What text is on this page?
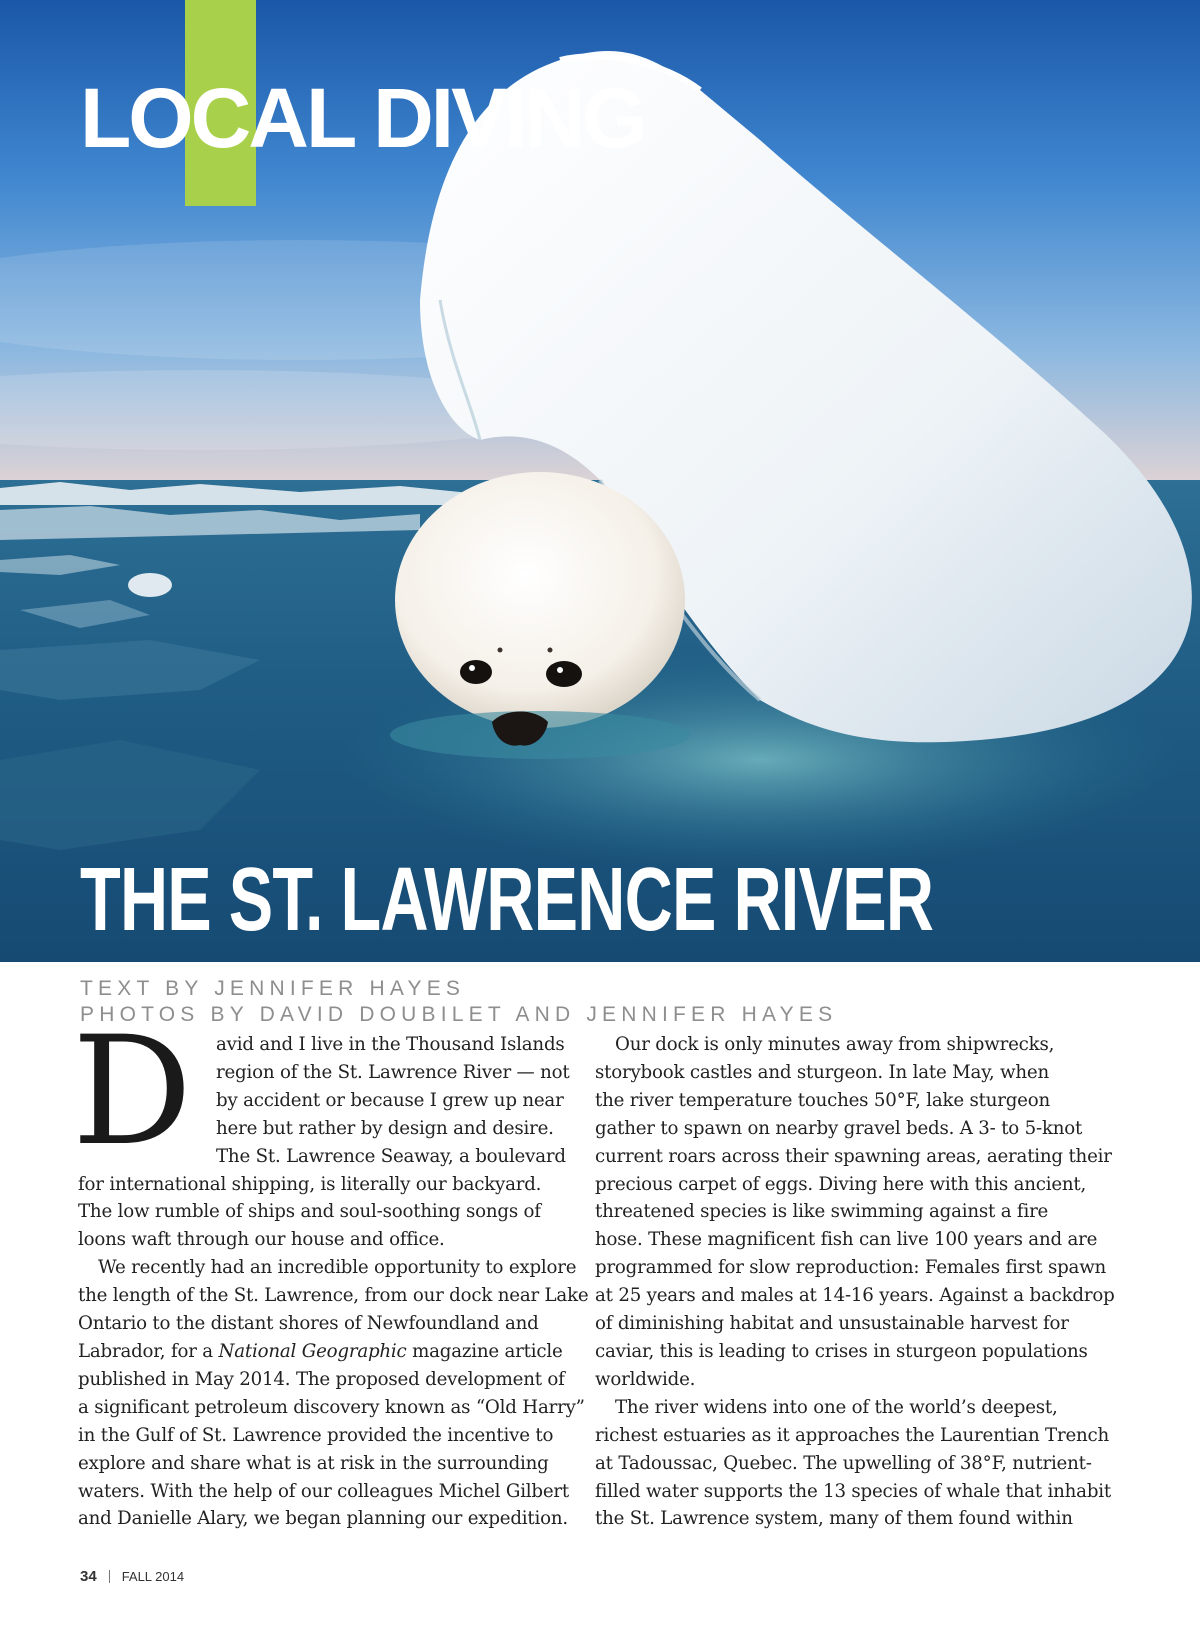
LOCAL DIVING
THE ST. LAWRENCE RIVER
TEXT BY JENNIFER HAYES
PHOTOS BY DAVID DOUBILET AND JENNIFER HAYES
D	avid and I live in the Thousand Islands
region of the St. Lawrence River — not
by accident or because I grew up near
here but rather by design and desire.
The St. Lawrence Seaway, a boulevard
for international shipping, is literally our backyard.
The low rumble of ships and soul-soothing songs of
loons waft through our house and office.

We recently had an incredible opportunity to explore
the length of the St. Lawrence, from our dock near Lake
Ontario to the distant shores of Newfoundland and
Labrador, for a National Geographic magazine article
published in May 2014. The proposed development of
a significant petroleum discovery known as “Old Harry”
in the Gulf of St. Lawrence provided the incentive to
explore and share what is at risk in the surrounding
waters. With the help of our colleagues Michel Gilbert
and Danielle Alary, we began planning our expedition.

Our dock is only minutes away from shipwrecks,
storybook castles and sturgeon. In late May, when
the river temperature touches 50°F, lake sturgeon
gather to spawn on nearby gravel beds. A 3- to 5-knot
current roars across their spawning areas, aerating their
precious carpet of eggs. Diving here with this ancient,
threatened species is like swimming against a fire
hose. These magnificent fish can live 100 years and are
programmed for slow reproduction: Females first spawn
at 25 years and males at 14-16 years. Against a backdrop
of diminishing habitat and unsustainable harvest for
caviar, this is leading to crises in sturgeon populations
worldwide.

The river widens into one of the world’s deepest,
richest estuaries as it approaches the Laurentian Trench
at Tadoussac, Quebec. The upwelling of 38°F, nutrient-
filled water supports the 13 species of whale that inhabit
the St. Lawrence system, many of them found within

34 FALL 2014
